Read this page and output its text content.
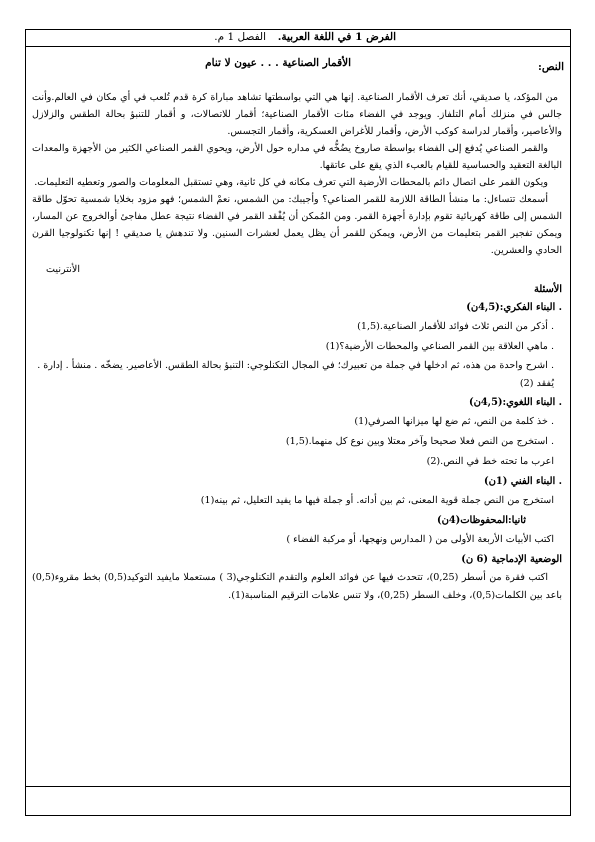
الفرض 1 في اللغة العربية.
الفصل 1 م.
النص:
الأقمار الصناعية . . . عيون لا تنام

من المؤكد، يا صديقي، أنك تعرف الأقمار الصناعية. إنها هي التي بواسطتها تشاهد مباراة كرة قدم تُلعب في أي مكان في العالم.وأنت جالس في منزلك أمام التلفاز. ويوجد في الفضاء مئات الأقمار الصناعية؛ أقمار للاتصالات، و أقمار للتنبؤ بحالة الطقس والزلازل والأعاصير، وأقمار لدراسة كوكب الأرض، وأقمار للأغراض العسكرية، وأقمار التجسس.

والقمر الصناعي يُدفع إلى الفضاء بواسطة صاروخ يضُخُّه في مداره حول الأرض، ويحوي القمر الصناعي الكثير من الأجهزة والمعدات البالغة التعقيد والحساسية للقيام بالعبء الذي يقع على عاتقها.

ويكون القمر على اتصال دائم بالمحطات الأرضية التي تعرف مكانه في كل ثانية، وهي تستقبل المعلومات والصور وتعطيه التعليمات.

أسمعك تتساءل: ما منشأ الطاقة اللازمة للقمر الصناعي؟ وأجيبك: من الشمس، نعمْ الشمس؛ فهو مزود بخلايا شمسية تحوّل طاقة الشمس إلى طاقة كهربائية تقوم بإدارة أجهزة القمر. ومن المُمكن أن يُفْقد القمر في الفضاء نتيجة عطل مفاجئ أوالخروج عن المسار، ويمكن تفجير القمر بتعليمات من الأرض، ويمكن للقمر أن يظل يعمل لعشرات السنين. ولا تندهش يا صديقي ! إنها تكنولوجيا القرن الحادي والعشرين.

الأنترنيت
الأسئلة
. البناء الفكري:(4,5ن)

. أذكر من النص ثلاث فوائد للأقمار الصناعية.(1,5)

. ماهي العلاقة بين القمر الصناعي والمحطات الأرضية؟(1)

. اشرح واحدة من هذه، ثم ادخلها في جملة من تعبيرك؛ في المجال التكنلوجي: التنبؤ بحالة الطقس. الأعاصير. يضخّه . منشأ . إدارة . يُفقد (2)

. البناء اللغوي:(4,5ن)

. خذ كلمة من النص، ثم ضع لها ميزانها الصرفي(1)

. استخرج من النص فعلا صحيحا وآخر معتلا وبين نوع كل منهما.(1,5)

اعرب ما تحته خط في النص.(2)

. البناء الفني (1ن)

استخرج من النص جملة قوية المعنى، ثم بين أداته. أو جملة فيها ما يفيد التعليل، ثم بينه(1)

ثانيا:المحفوظات(4ن)

اكتب الأبيات الأربعة الأولى من ( المدارس ونهجها، أو مركبة الفضاء )

الوضعية الإدماجية (6 ن)

اكتب فقرة من أسطر (0,25)، تتحدث فيها عن فوائد العلوم والتقدم التكنلوجي(3 ) مستعملا مايفيد التوكيد(0,5) بخط مقروء(0,5) باعد بين الكلمات(0,5)، وخلف السطر (0,25)، ولا تنس علامات الترقيم المناسبة(1).
